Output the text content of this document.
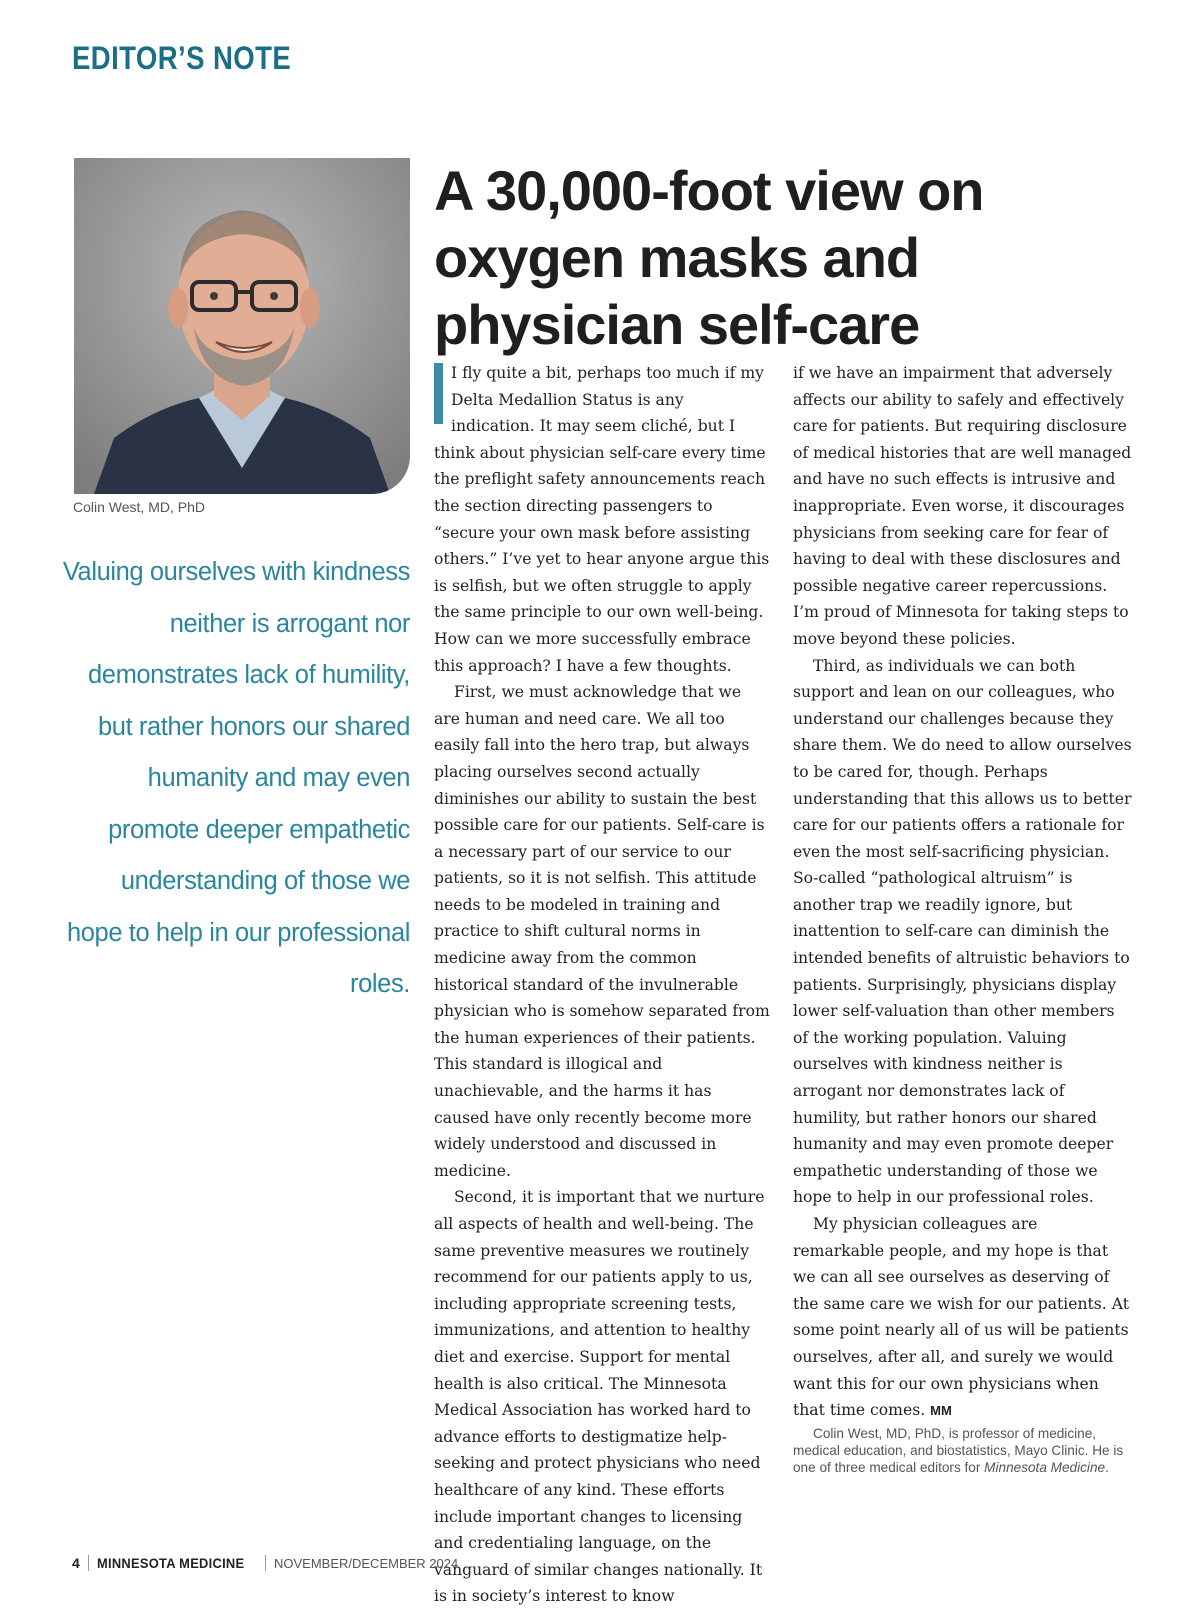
EDITOR’S NOTE
Colin West, MD, PhD
Valuing ourselves with kindness neither is arrogant nor demonstrates lack of humility, but rather honors our shared humanity and may even promote deeper empathetic understanding of those we hope to help in our professional roles.
A 30,000-foot view on oxygen masks and physician self-care

I fly quite a bit, perhaps too much if my Delta Medallion Status is any indication. It may seem cliché, but I think about physician self-care every time the preflight safety announcements reach the section directing passengers to “secure your own mask before assisting others.” I’ve yet to hear anyone argue this is selfish, but we often struggle to apply the same principle to our own well-being. How can we more successfully embrace this approach? I have a few thoughts.

First, we must acknowledge that we are human and need care. We all too easily fall into the hero trap, but always placing ourselves second actually diminishes our ability to sustain the best possible care for our patients. Self-care is a necessary part of our service to our patients, so it is not selfish. This attitude needs to be modeled in training and practice to shift cultural norms in medicine away from the common historical standard of the invulnerable physician who is somehow separated from the human experiences of their patients. This standard is illogical and unachievable, and the harms it has caused have only recently become more widely understood and discussed in medicine.

Second, it is important that we nurture all aspects of health and well-being. The same preventive measures we routinely recommend for our patients apply to us, including appropriate screening tests, immunizations, and attention to healthy diet and exercise. Support for mental health is also critical. The Minnesota Medical Association has worked hard to advance efforts to destigmatize help-seeking and protect physicians who need healthcare of any kind. These efforts include important changes to licensing and credentialing language, on the vanguard of similar changes nationally. It is in society’s interest to know

if we have an impairment that adversely affects our ability to safely and effectively care for patients. But requiring disclosure of medical histories that are well managed and have no such effects is intrusive and inappropriate. Even worse, it discourages physicians from seeking care for fear of having to deal with these disclosures and possible negative career repercussions. I’m proud of Minnesota for taking steps to move beyond these policies.

Third, as individuals we can both support and lean on our colleagues, who understand our challenges because they share them. We do need to allow ourselves to be cared for, though. Perhaps understanding that this allows us to better care for our patients offers a rationale for even the most self-sacrificing physician. So-called “pathological altruism” is another trap we readily ignore, but inattention to self-care can diminish the intended benefits of altruistic behaviors to patients. Surprisingly, physicians display lower self-valuation than other members of the working population. Valuing ourselves with kindness neither is arrogant nor demonstrates lack of humility, but rather honors our shared humanity and may even promote deeper empathetic understanding of those we hope to help in our professional roles.

My physician colleagues are remarkable people, and my hope is that we can all see ourselves as deserving of the same care we wish for our patients. At some point nearly all of us will be patients ourselves, after all, and surely we would want this for our own physicians when that time comes. MM

Colin West, MD, PhD, is professor of medicine, medical education, and biostatistics, Mayo Clinic. He is one of three medical editors for Minnesota Medicine.

4 MINNESOTA MEDICINE NOVEMBER/DECEMBER 2024
